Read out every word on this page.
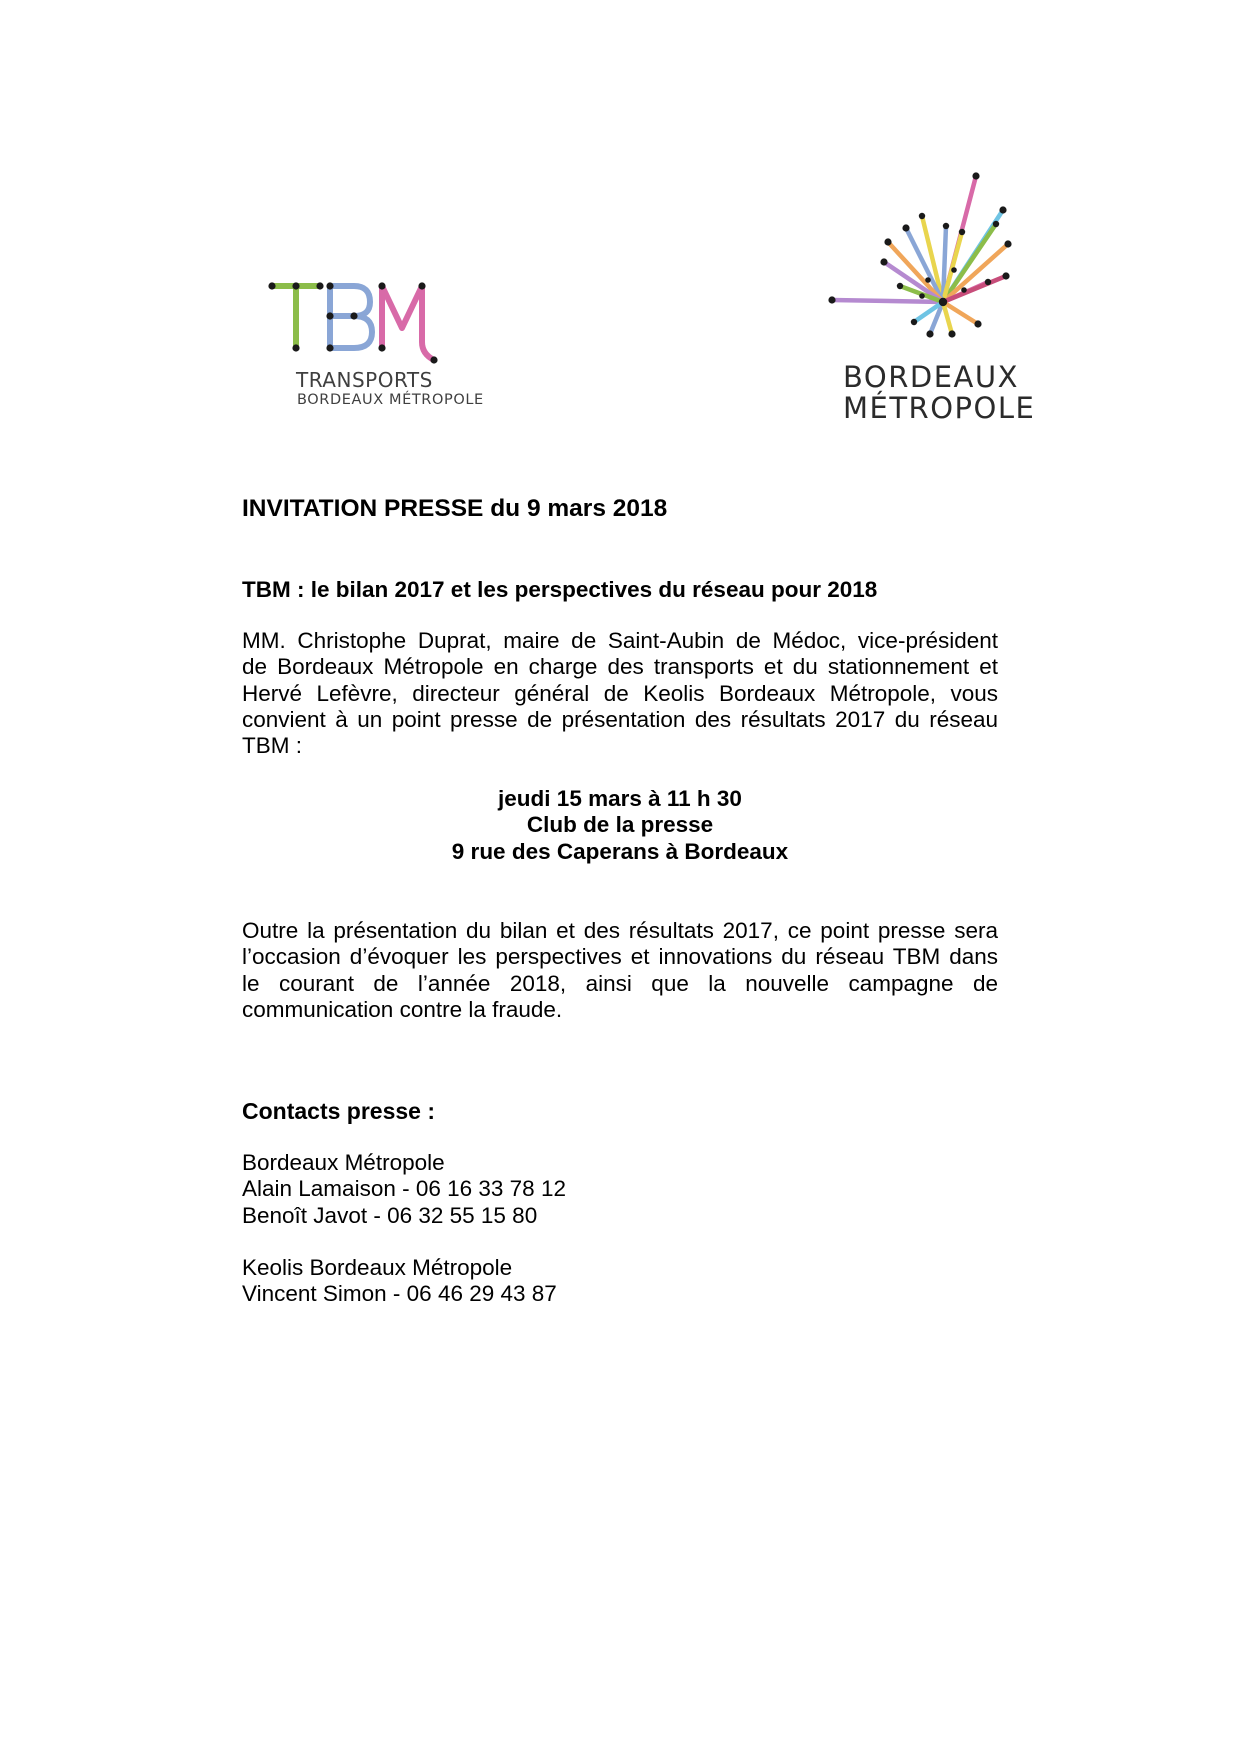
TRANSPORTS
BORDEAUX MÉTROPOLE
BORDEAUX
MÉTROPOLE
INVITATION PRESSE du 9 mars 2018
TBM : le bilan 2017 et les perspectives du réseau pour 2018

MM. Christophe Duprat, maire de Saint-Aubin de Médoc, vice-président

de Bordeaux Métropole en charge des transports et du stationnement et

Hervé Lefèvre, directeur général de Keolis Bordeaux Métropole, vous

convient à un point presse de présentation des résultats 2017 du réseau

TBM :

jeudi 15 mars à 11 h 30
Club de la presse
9 rue des Caperans à Bordeaux

Outre la présentation du bilan et des résultats 2017, ce point presse sera

l’occasion d’évoquer les perspectives et innovations du réseau TBM dans

le courant de l’année 2018, ainsi que la nouvelle campagne de

communication contre la fraude.

Contacts presse :
Bordeaux Métropole
Alain Lamaison - 06 16 33 78 12
Benoît Javot - 06 32 55 15 80
Keolis Bordeaux Métropole
Vincent Simon - 06 46 29 43 87
